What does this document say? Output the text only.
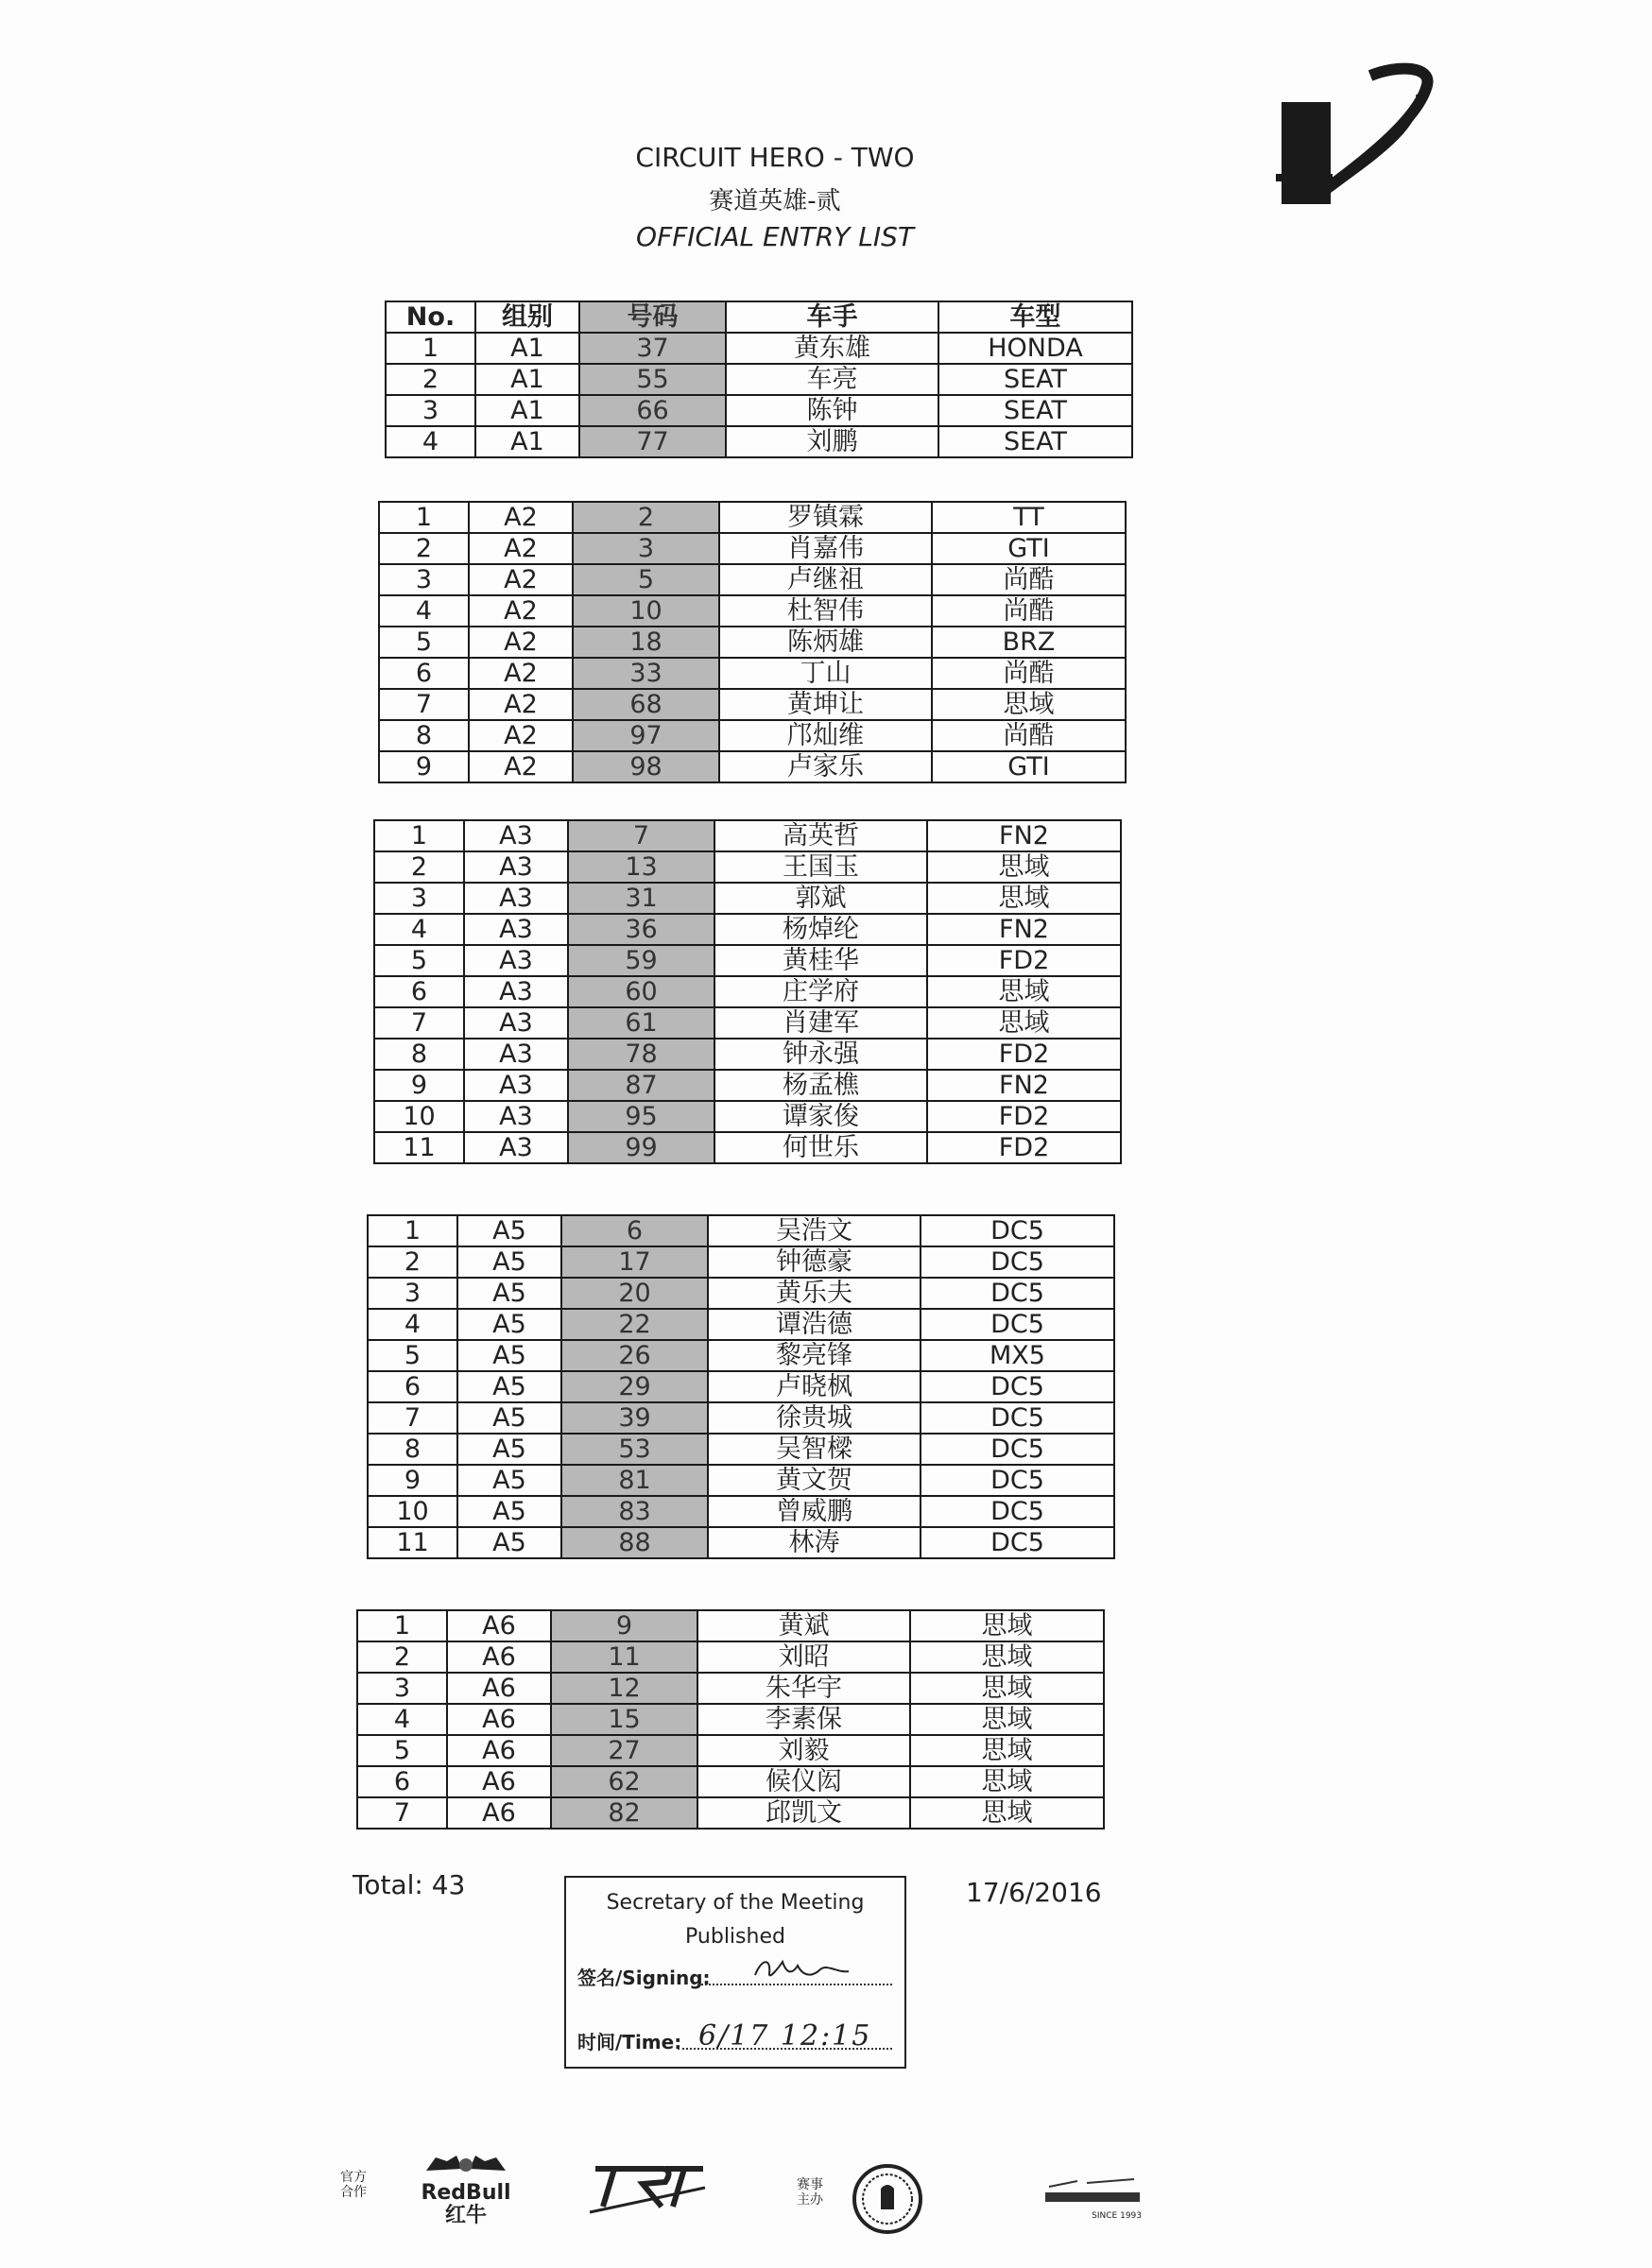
CIRCUIT HERO - TWO
赛道英雄-贰
OFFICIAL ENTRY LIST
No.	组别	号码	车手	车型
1	A1	37	黄东雄	HONDA
2	A1	55	车亮	SEAT
3	A1	66	陈钟	SEAT
4	A1	77	刘鹏	SEAT
1	A2	2	罗镇霖	TT
2	A2	3	肖嘉伟	GTI
3	A2	5	卢继祖	尚酷
4	A2	10	杜智伟	尚酷
5	A2	18	陈炳雄	BRZ
6	A2	33	丁山	尚酷
7	A2	68	黄坤让	思域
8	A2	97	邝灿维	尚酷
9	A2	98	卢家乐	GTI
1	A3	7	高英哲	FN2
2	A3	13	王国玉	思域
3	A3	31	郭斌	思域
4	A3	36	杨焯纶	FN2
5	A3	59	黄桂华	FD2
6	A3	60	庄学府	思域
7	A3	61	肖建军	思域
8	A3	78	钟永强	FD2
9	A3	87	杨孟樵	FN2
10	A3	95	谭家俊	FD2
11	A3	99	何世乐	FD2
1	A5	6	吴浩文	DC5
2	A5	17	钟德豪	DC5
3	A5	20	黄乐夫	DC5
4	A5	22	谭浩德	DC5
5	A5	26	黎亮锋	MX5
6	A5	29	卢晓枫	DC5
7	A5	39	徐贵城	DC5
8	A5	53	吴智樑	DC5
9	A5	81	黄文贺	DC5
10	A5	83	曾威鹏	DC5
11	A5	88	林涛	DC5
1	A6	9	黄斌	思域
2	A6	11	刘昭	思域
3	A6	12	朱华宇	思域
4	A6	15	李素保	思域
5	A6	27	刘毅	思域
6	A6	62	候仪闳	思域
7	A6	82	邱凯文	思域
Total: 43	17/6/2016
Secretary of the Meeting
Published
签名/Signing:
时间/Time: 6/17 12:15
官方合作	RedBull
红牛
赛事主办
SINCE 1993
